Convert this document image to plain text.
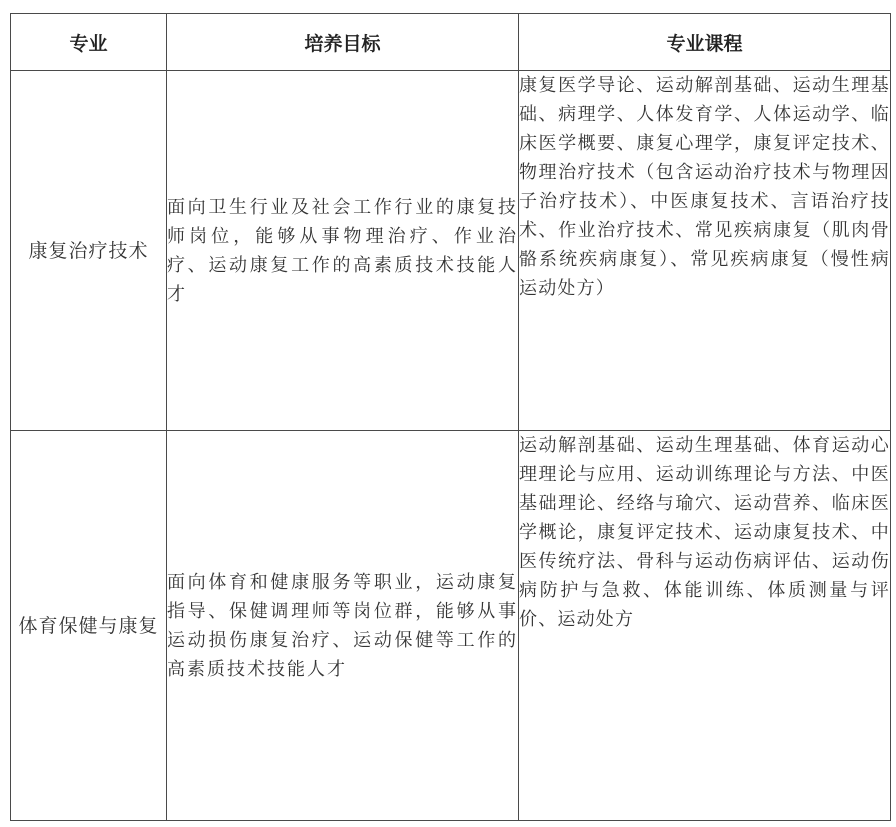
专业	培养目标	专业课程
康复治疗技术	面向卫生行业及社会工作行业的康复技师岗位，能够从事物理治疗、作业治疗、运动康复工作的高素质技术技能人才	康复医学导论、运动解剖基础、运动生理基础、病理学、人体发育学、人体运动学、临床医学概要、康复心理学，康复评定技术、物理治疗技术（包含运动治疗技术与物理因子治疗技术）、中医康复技术、言语治疗技术、作业治疗技术、常见疾病康复（肌肉骨骼系统疾病康复）、常见疾病康复（慢性病运动处方）
体育保健与康复	面向体育和健康服务等职业，运动康复指导、保健调理师等岗位群，能够从事运动损伤康复治疗、运动保健等工作的高素质技术技能人才	运动解剖基础、运动生理基础、体育运动心理理论与应用、运动训练理论与方法、中医基础理论、经络与瑜穴、运动营养、临床医学概论，康复评定技术、运动康复技术、中医传统疗法、骨科与运动伤病评估、运动伤病防护与急救、体能训练、体质测量与评价、运动处方
